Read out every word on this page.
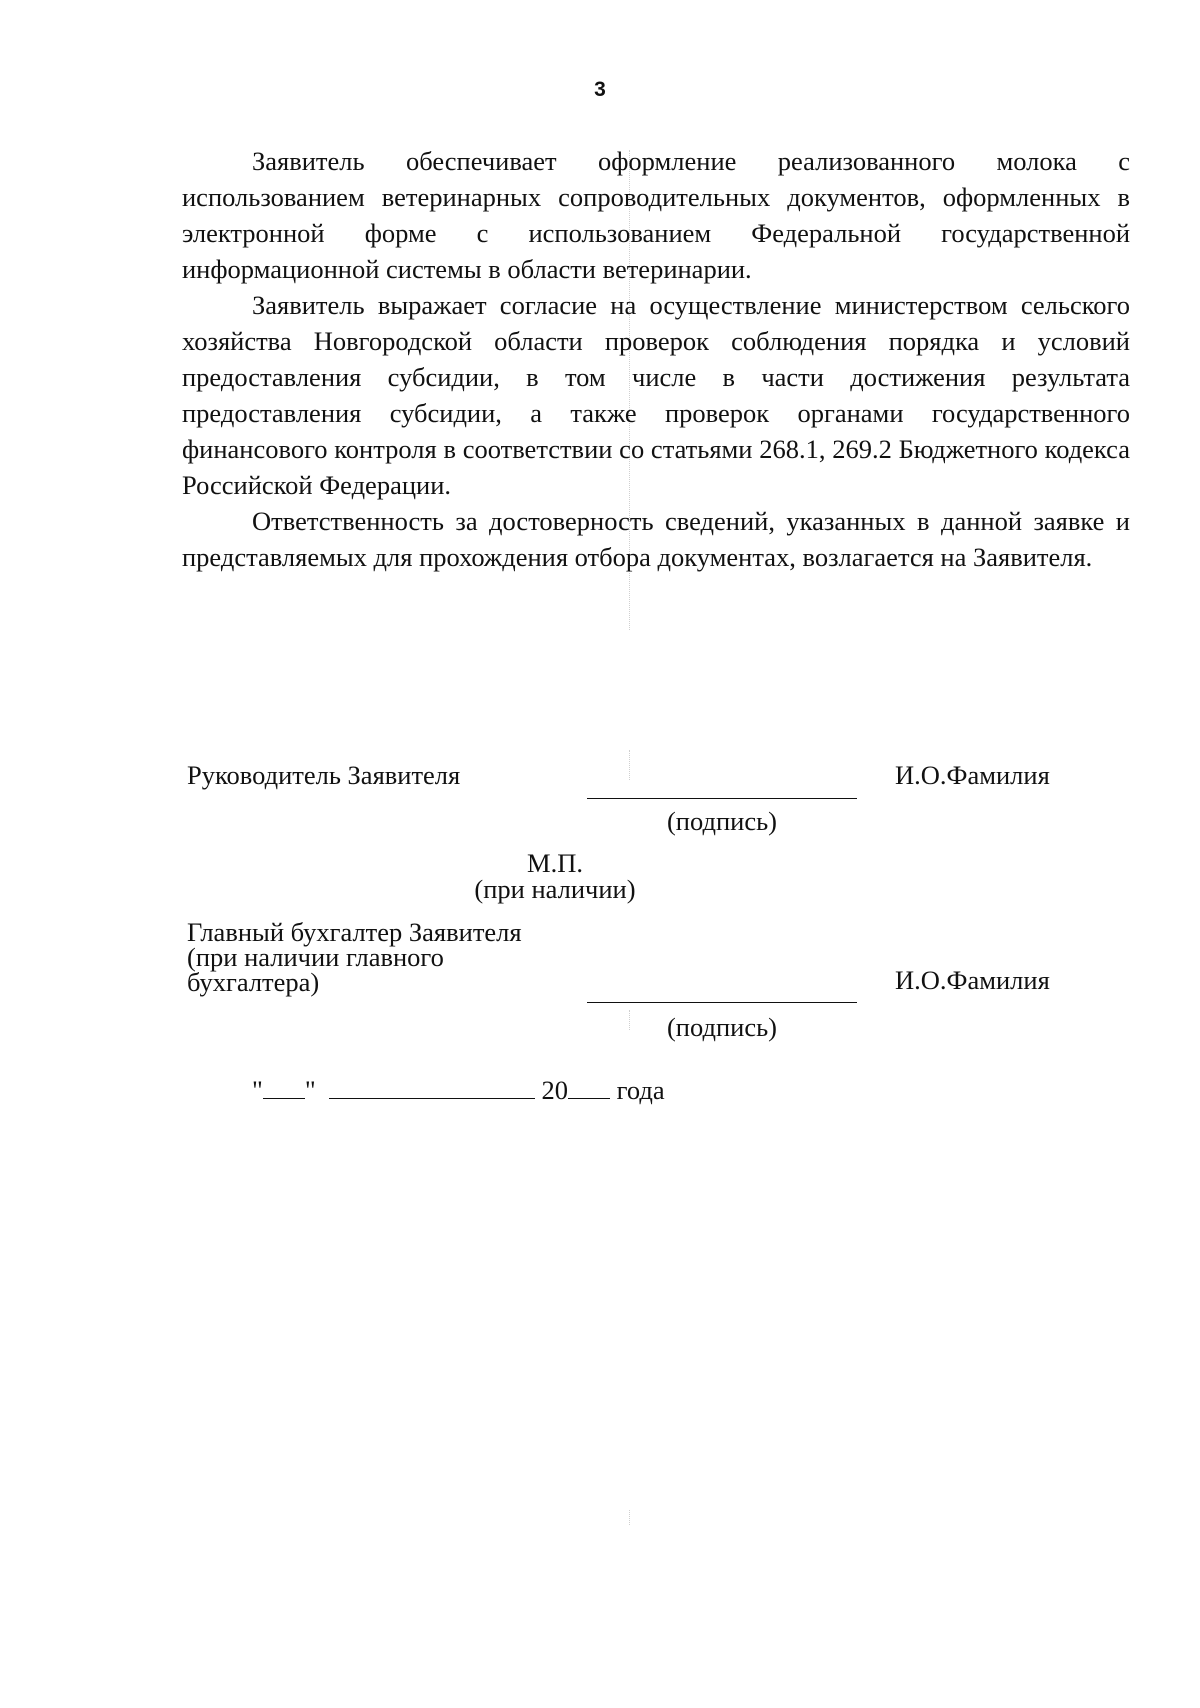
3

Заявитель обеспечивает оформление реализованного молока с использованием ветеринарных сопроводительных документов, оформленных в электронной форме с использованием Федеральной государственной информационной системы в области ветеринарии.

Заявитель выражает согласие на осуществление министерством сельского хозяйства Новгородской области проверок соблюдения порядка и условий предоставления субсидии, в том числе в части достижения результата предоставления субсидии, а также проверок органами государственного финансового контроля в соответствии со статьями 268.1, 269.2 Бюджетного кодекса Российской Федерации.

Ответственность за достоверность сведений, указанных в данной заявке и представляемых для прохождения отбора документах, возлагается на Заявителя.

Руководитель Заявителя	И.О.Фамилия
(подпись)
М.П.
(при наличии)
Главный бухгалтер Заявителя
(при наличии главного
бухгалтера)	И.О.Фамилия
(подпись)
" "	20 года
